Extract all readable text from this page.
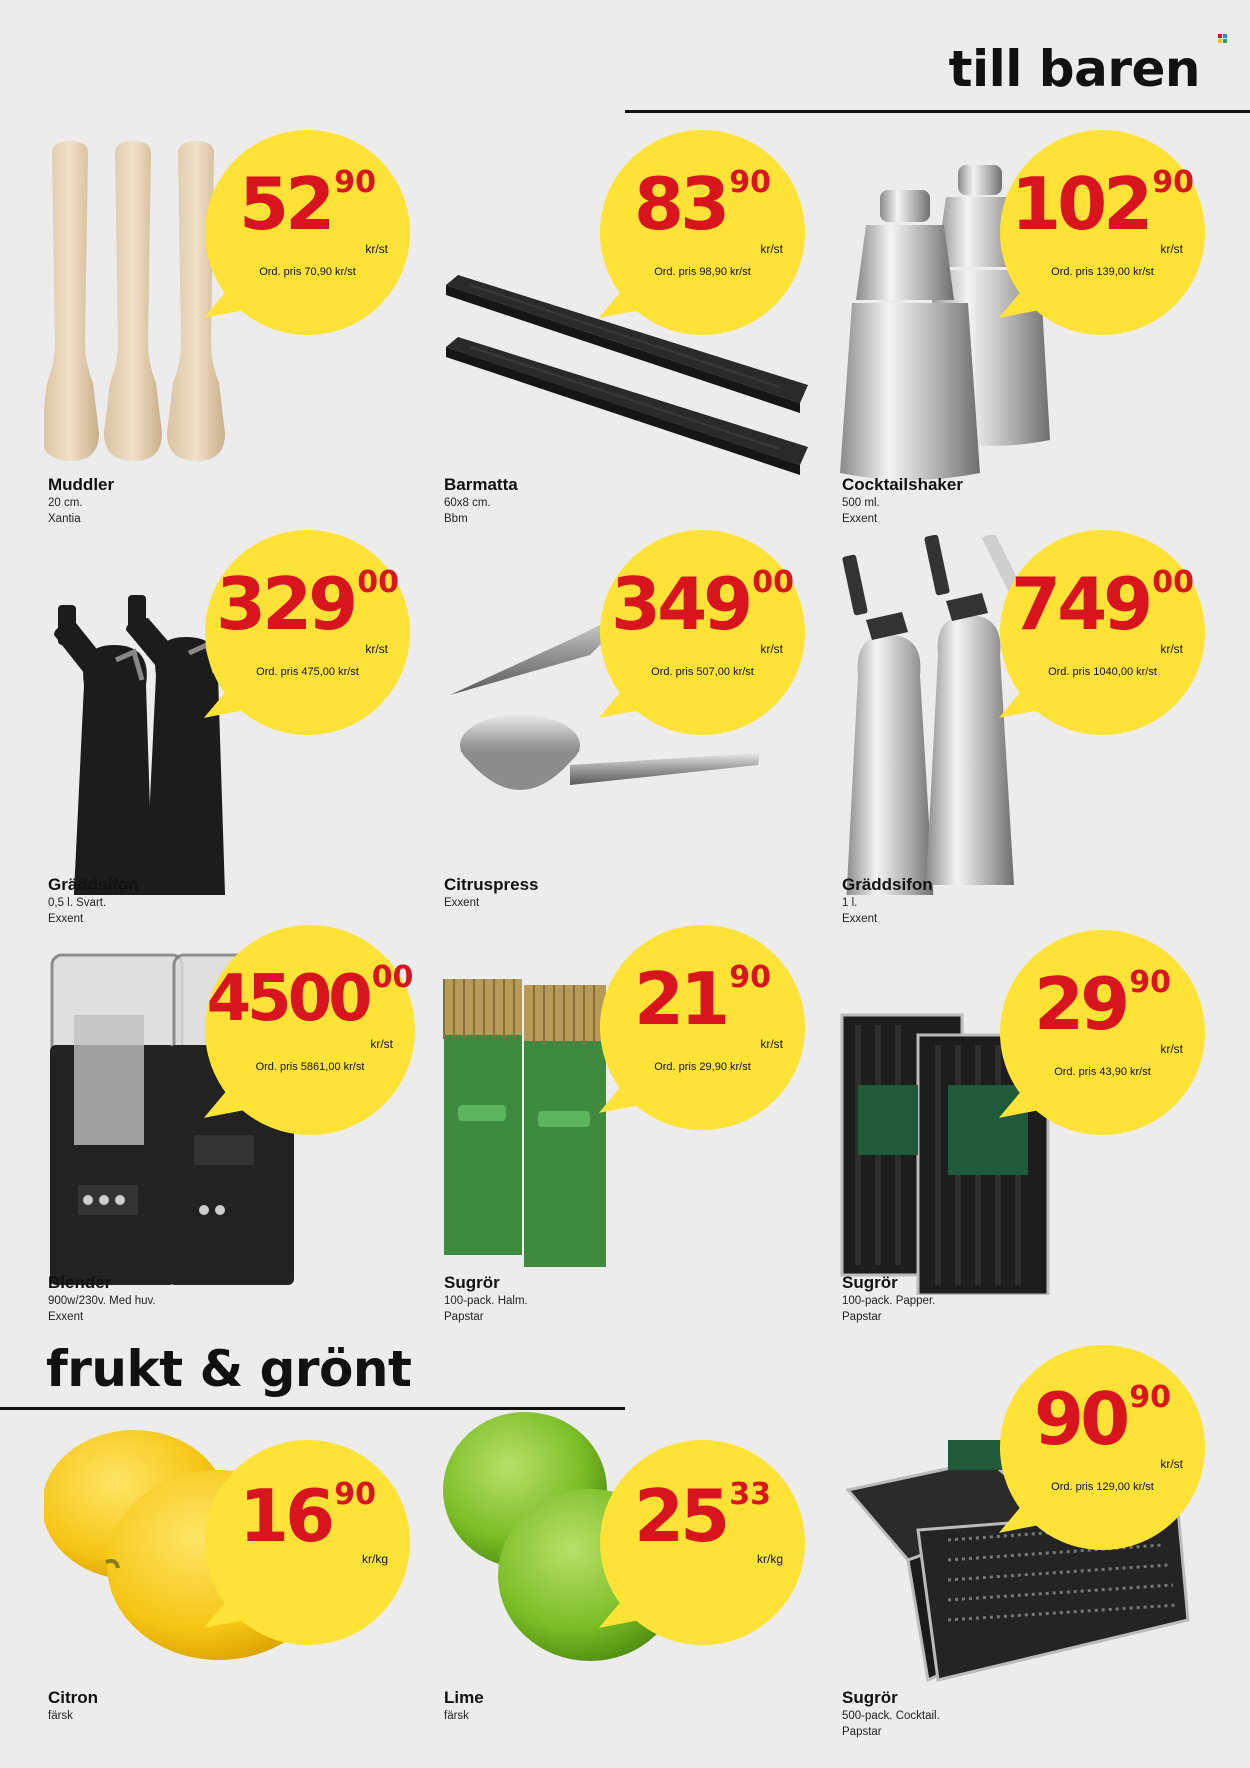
till baren
frukt & grönt
Muddler
20 cm.
Xantia
52 90
kr/st
Ord. pris 70,90 kr/st
Barmatta
60x8 cm.
Bbm
83 90
kr/st
Ord. pris 98,90 kr/st
Cocktailshaker
500 ml.
Exxent
102 90
kr/st
Ord. pris 139,00 kr/st
Gräddsifon
0,5 l. Svart.
Exxent
329 00
kr/st
Ord. pris 475,00 kr/st
Citruspress
Exxent
349 00
kr/st
Ord. pris 507,00 kr/st
Gräddsifon
1 l.
Exxent
749 00
kr/st
Ord. pris 1040,00 kr/st
Blender
900w/230v. Med huv.
Exxent
4500 00
kr/st
Ord. pris 5861,00 kr/st
Sugrör
100-pack. Halm.
Papstar
21 90
kr/st
Ord. pris 29,90 kr/st
Sugrör
100-pack. Papper.
Papstar
29 90
kr/st
Ord. pris 43,90 kr/st
Citron
färsk
16 90
kr/kg
Lime
färsk
25 33
kr/kg
Sugrör
500-pack. Cocktail.
Papstar
90 90
kr/st
Ord. pris 129,00 kr/st
